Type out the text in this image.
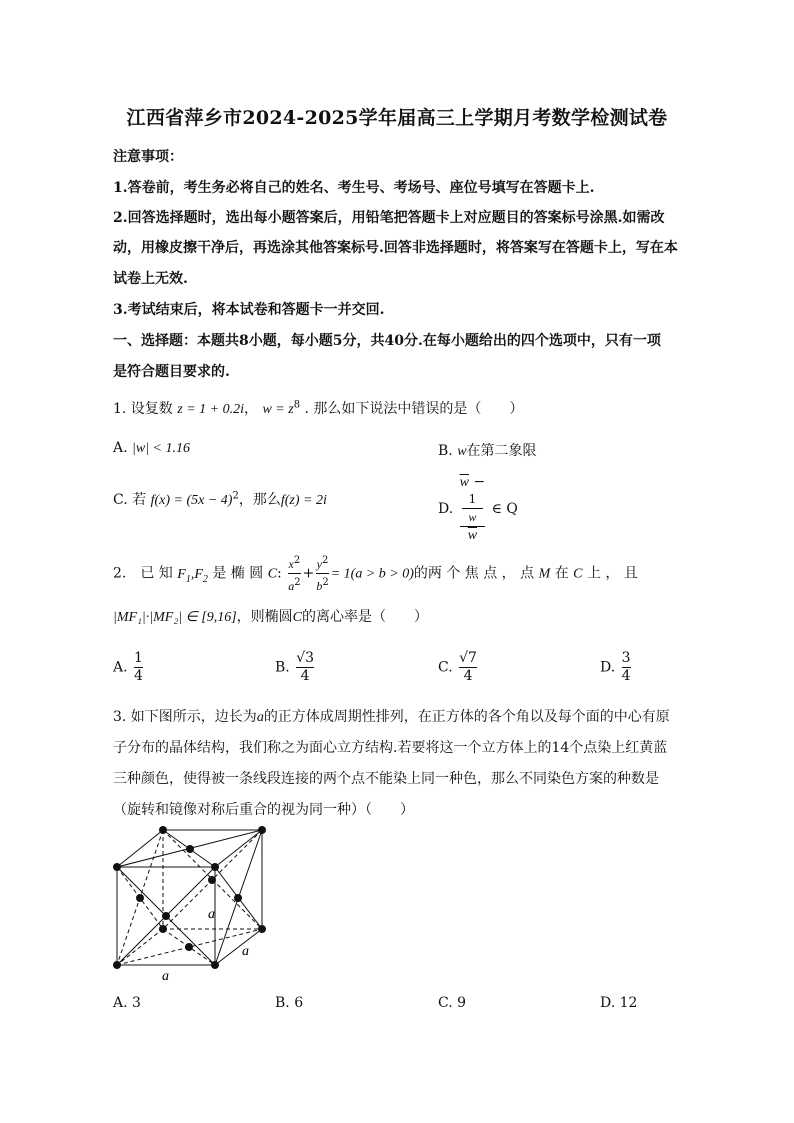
江西省萍乡市2024-2025学年届高三上学期月考数学检测试卷
注意事项：
1.答卷前，考生务必将自己的姓名、考生号、考场号、座位号填写在答题卡上.
2.回答选择题时，选出每小题答案后，用铅笔把答题卡上对应题目的答案标号涂黑.如需改
动，用橡皮擦干净后，再选涂其他答案标号.回答非选择题时，将答案写在答题卡上，写在本
试卷上无效.
3.考试结束后，将本试卷和答题卡一并交回.
一、选择题：本题共8小题，每小题5分，共40分.在每小题给出的四个选项中，只有一项
是符合题目要求的.
1. 设复数 z = 1 + 0.2i， $w = z^8$ . 那么如下说法中错误的是（　　）
A. |w| < 1.16	B. w在第二象限
C. 若 $f(x) = (5x - 4)^2$，那么f(z) = 2i
D. $\overline{w}$ −
1
w
w ∈ Q
2.　已 知 $F_1,F_2$ 是 椭 圆 C: $\frac{x^2}{a^2} + \frac{y^2}{b^2} = 1(a > b > 0)$的两 个 焦 点 ， 点 M 在 C 上 ， 且
|MF₁|·|MF₂| ∈ [9,16]，则椭圆C的离心率是（　　）
A. $\frac{1}{4}$	B. $\frac{√3}{4}$	C. $\frac{√7}{4}$	D. $\frac{3}{4}$
3. 如下图所示，边长为a的正方体成周期性排列，在正方体的各个角以及每个面的中心有原
子分布的晶体结构，我们称之为面心立方结构.若要将这一个立方体上的14个点染上红黄蓝
三种颜色，使得被一条线段连接的两个点不能染上同一种色，那么不同染色方案的种数是
（旋转和镜像对称后重合的视为同一种）（　　）
a
a
a
A. 3	B. 6	C. 9	D. 12
